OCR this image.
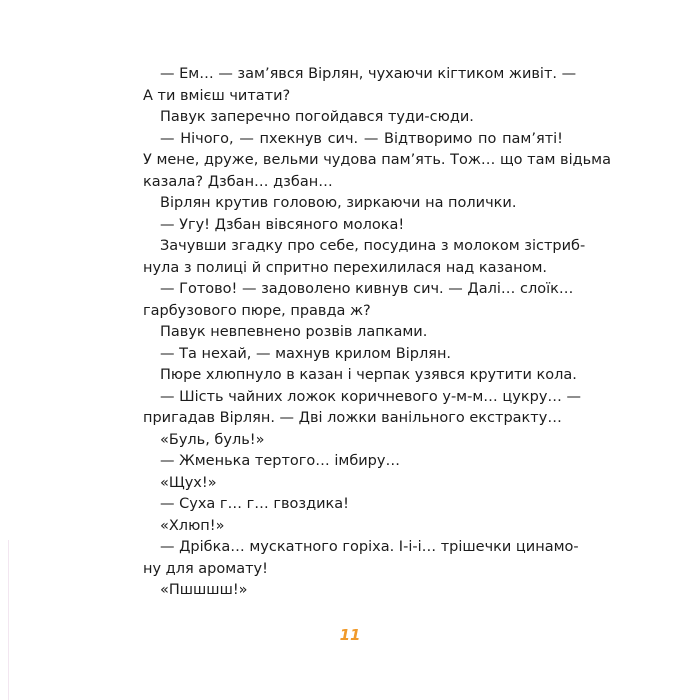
— Ем… — зам’явся Вірлян, чухаючи кігтиком живіт. —
А ти вмієш читати?

Павук заперечно погойдався туди-сюди.

— Нічого, — пхекнув сич. — Відтворимо по пам’яті!
У мене, друже, вельми чудова пам’ять. Тож… що там відьма
казала? Дзбан… дзбан…

Вірлян крутив головою, зиркаючи на полички.

— Угу! Дзбан вівсяного молока!

Зачувши згадку про себе, посудина з молоком зістриб-
нула з полиці й спритно перехилилася над казаном.

— Готово! — задоволено кивнув сич. — Далі… слоїк…
гарбузового пюре, правда ж?

Павук невпевнено розвів лапками.

— Та нехай, — махнув крилом Вірлян.

Пюре хлюпнуло в казан і черпак узявся крутити кола.

— Шість чайних ложок коричневого у-м-м… цукру… —
пригадав Вірлян. — Дві ложки ванільного екстракту…

«Буль, буль!»

— Жменька тертого… імбиру…

«Щух!»

— Суха г… г… гвоздика!

«Хлюп!»

— Дрібка… мускатного горіха. І-і-і… трішечки цинамо-
ну для аромату!

«Пшшшш!»

11
